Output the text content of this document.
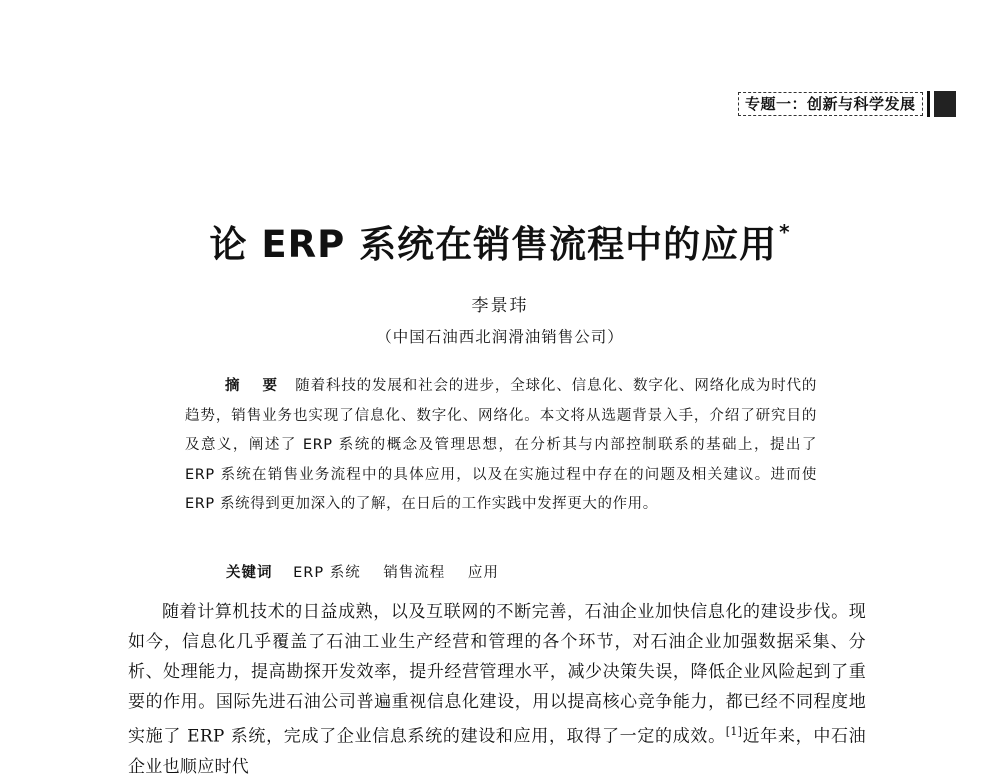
专题一：创新与科学发展
论 ERP 系统在销售流程中的应用 *
李景玮
（中国石油西北润滑油销售公司）
摘　要 随着科技的发展和社会的进步，全球化、信息化、数字化、网络化成为时代的趋势，销售业务也实现了信息化、数字化、网络化。本文将从选题背景入手，介绍了研究目的及意义，阐述了 ERP 系统的概念及管理思想，在分析其与内部控制联系的基础上，提出了 ERP 系统在销售业务流程中的具体应用，以及在实施过程中存在的问题及相关建议。进而使 ERP 系统得到更加深入的了解，在日后的工作实践中发挥更大的作用。
关键词 ERP 系统 销售流程 应用
随着计算机技术的日益成熟，以及互联网的不断完善，石油企业加快信息化的建设步伐。现如今，信息化几乎覆盖了石油工业生产经营和管理的各个环节，对石油企业加强数据采集、分析、处理能力，提高勘探开发效率，提升经营管理水平，减少决策失误，降低企业风险起到了重要的作用。国际先进石油公司普遍重视信息化建设，用以提高核心竞争能力，都已经不同程度地实施了 ERP 系统，完成了企业信息系统的建设和应用，取得了一定的成效。[1]近年来，中石油企业也顺应时代
